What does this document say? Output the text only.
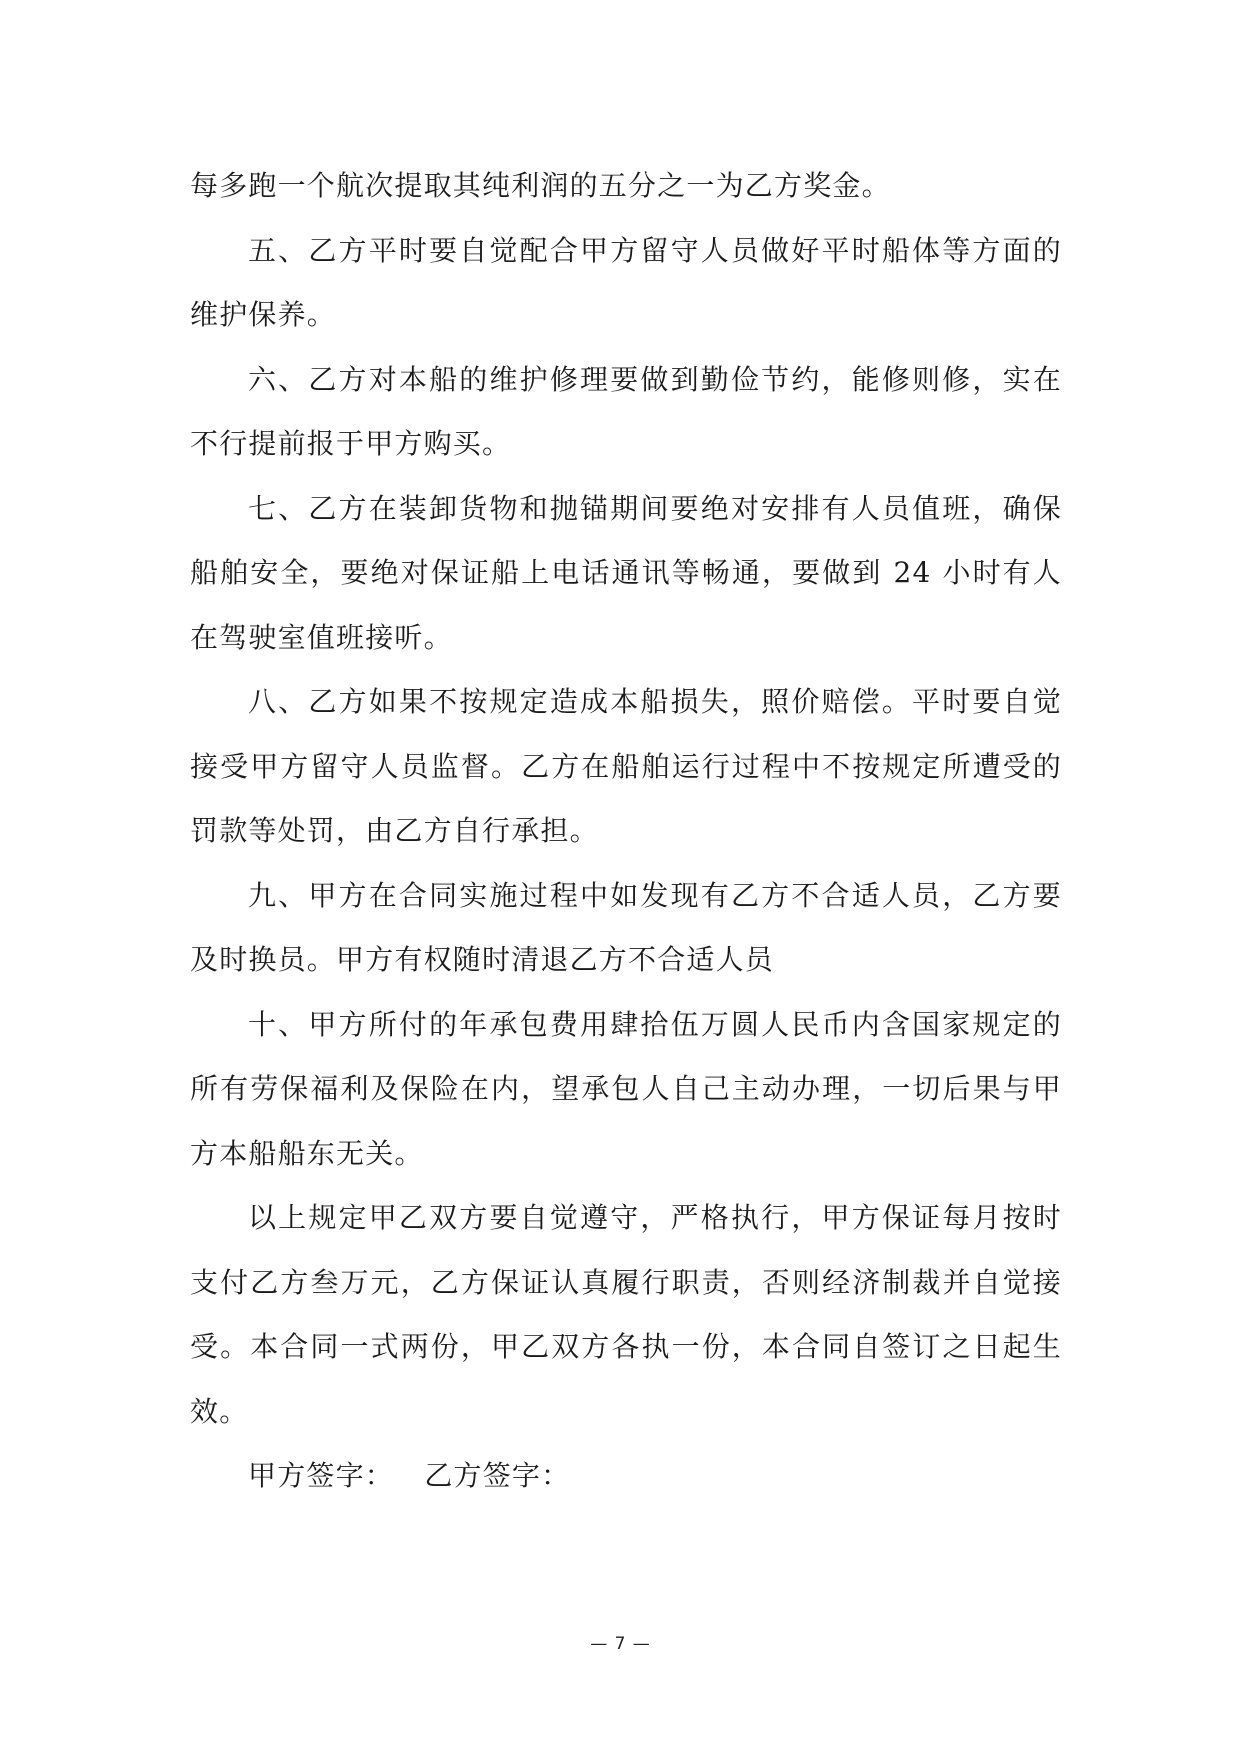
每多跑一个航次提取其纯利润的五分之一为乙方奖金。

五、乙方平时要自觉配合甲方留守人员做好平时船体等方面的维护保养。

六、乙方对本船的维护修理要做到勤俭节约，能修则修，实在不行提前报于甲方购买。

七、乙方在装卸货物和抛锚期间要绝对安排有人员值班，确保船舶安全，要绝对保证船上电话通讯等畅通，要做到 24 小时有人在驾驶室值班接听。

八、乙方如果不按规定造成本船损失，照价赔偿。平时要自觉接受甲方留守人员监督。乙方在船舶运行过程中不按规定所遭受的罚款等处罚，由乙方自行承担。

九、甲方在合同实施过程中如发现有乙方不合适人员，乙方要及时换员。甲方有权随时清退乙方不合适人员

十、甲方所付的年承包费用肆拾伍万圆人民币内含国家规定的所有劳保福利及保险在内，望承包人自己主动办理，一切后果与甲方本船船东无关。

以上规定甲乙双方要自觉遵守，严格执行，甲方保证每月按时支付乙方叁万元，乙方保证认真履行职责，否则经济制裁并自觉接受。本合同一式两份，甲乙双方各执一份，本合同自签订之日起生效。

甲方签字： 乙方签字：

— 7 —
